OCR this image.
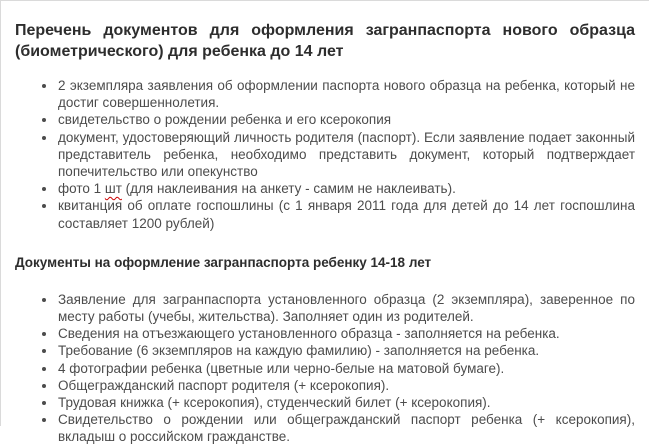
Перечень документов для оформления загранпаспорта нового образца (биометрического) для ребенка до 14 лет
2 экземпляра заявления об оформлении паспорта нового образца на ребенка, который не достиг совершеннолетия.
свидетельство о рождении ребенка и его ксерокопия
документ, удостоверяющий личность родителя (паспорт). Если заявление подает законный представитель ребенка, необходимо представить документ, который подтверждает попечительство или опекунство
фото 1 шт (для наклеивания на анкету - самим не наклеивать).
квитанция об оплате госпошлины (с 1 января 2011 года для детей до 14 лет госпошлина составляет 1200 рублей)
Документы на оформление загранпаспорта ребенку 14-18 лет
Заявление для загранпаспорта установленного образца (2 экземпляра), заверенное по месту работы (учебы, жительства). Заполняет один из родителей.
Сведения на отъезжающего установленного образца - заполняется на ребенка.
Требование (6 экземпляров на каждую фамилию) - заполняется на ребенка.
4 фотографии ребенка (цветные или черно-белые на матовой бумаге).
Общегражданский паспорт родителя (+ ксерокопия).
Трудовая книжка (+ ксерокопия), студенческий билет (+ ксерокопия).
Свидетельство о рождении или общегражданский паспорт ребенка (+ ксерокопия), вкладыш о российском гражданстве.
